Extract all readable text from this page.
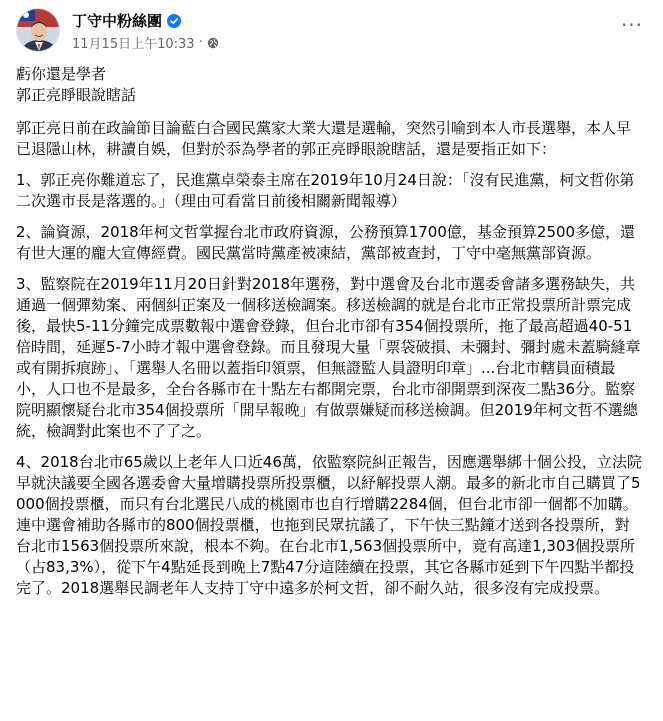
丁守中粉絲團
11月15日上午10:33 ·
···

虧你還是學者
郭正亮睜眼說瞎話

郭正亮日前在政論節目論藍白合國民黨家大業大還是選輸，突然引喻到本人市長選舉，本人早已退隱山林，耕讀自娛，但對於忝為學者的郭正亮睜眼說瞎話，還是要指正如下：

1、郭正亮你難道忘了，民進黨卓榮泰主席在2019年10月24日說：「沒有民進黨，柯文哲你第二次選市長是落選的。」（理由可看當日前後相關新聞報導）

2、論資源，2018年柯文哲掌握台北市政府資源，公務預算1700億，基金預算2500多億，還有世大運的龐大宣傳經費。國民黨當時黨產被凍結，黨部被查封，丁守中毫無黨部資源。

3、監察院在2019年11月20日針對2018年選務，對中選會及台北市選委會諸多選務缺失，共通過一個彈劾案、兩個糾正案及一個移送檢調案。移送檢調的就是台北市正常投票所計票完成後，最快5-11分鐘完成票數報中選會登錄，但台北市卻有354個投票所，拖了最高超過40-51倍時間，延遲5-7小時才報中選會登錄。而且發現大量「票袋破損、未彌封、彌封處未蓋騎縫章或有開拆痕跡」、「選舉人名冊以蓋指印領票，但無證監人員證明印章」...台北市轄員面積最小，人口也不是最多，全台各縣市在十點左右都開完票，台北市卻開票到深夜二點36分。監察院明顯懷疑台北市354個投票所「開早報晚」有做票嫌疑而移送檢調。但2019年柯文哲不選總統，檢調對此案也不了了之。

4、2018台北市65歲以上老年人口近46萬，依監察院糾正報告，因應選舉綁十個公投，立法院早就決議要全國各選委會大量增購投票所投票櫃，以紓解投票人潮。最多的新北市自己購買了5000個投票櫃，而只有台北選民八成的桃園市也自行增購2284個，但台北市卻一個都不加購。連中選會補助各縣市的800個投票櫃，也拖到民眾抗議了，下午快三點鐘才送到各投票所，對台北市1563個投票所來說，根本不夠。在台北市1,563個投票所中，竟有高達1,303個投票所（占83,3%），從下午4點延長到晚上7點47分這陸續在投票，其它各縣市延到下午四點半都投完了。2018選舉民調老年人支持丁守中遠多於柯文哲，卻不耐久站，很多沒有完成投票。
